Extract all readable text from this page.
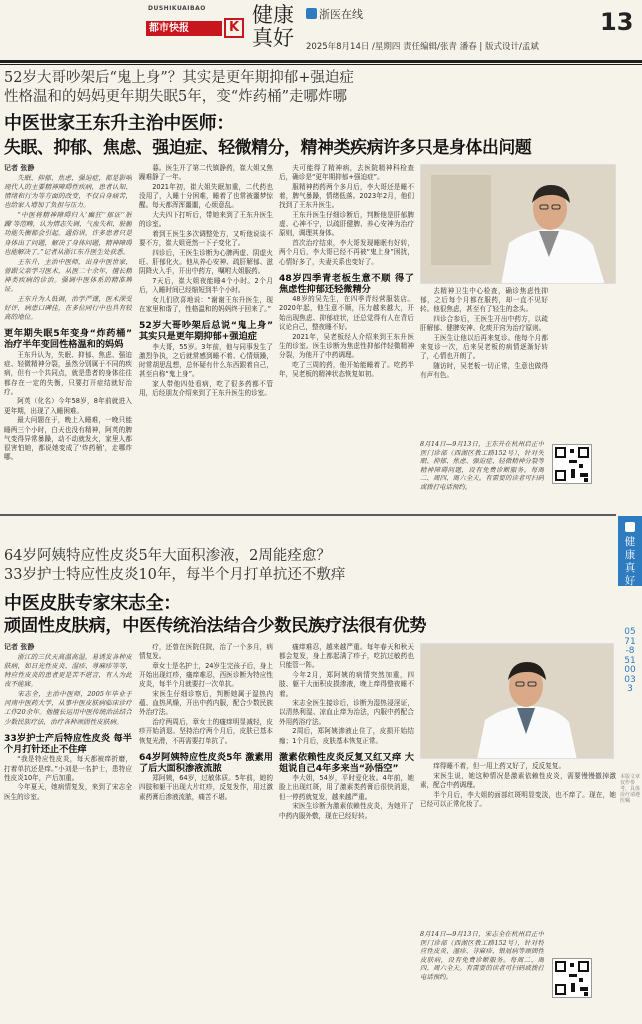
DUSHIKUAIBAO
都市快报	K
健康真好
浙医在线
2025年8月14日 /星期四 责任编辑/张青 潘春 | 版式设计/孟斌
13
52岁大哥吵架后“鬼上身”？其实是更年期抑郁+强迫症
性格温和的妈妈更年期失眠5年，变“炸药桶”走哪炸哪
中医世家王东升主治中医师：
失眠、抑郁、焦虑、强迫症、轻微精分，精神类疾病许多只是身体出问题

记者 张静

失眠、抑郁、焦虑、强迫症，都是影响现代人的主要精神障碍性疾病，患者认知、情绪和行为等方面的改变，不仅自身痛苦，也给家人增加了负担与压力。

“中医将精神障碍归入‘癫狂’‘郁证’‘脏躁’等范畴，认为情志失调、气血失和、脏腑功能失衡都会引起。通俗讲，许多患者只是身体出了问题，解决了身体问题，精神障碍也能解决了。”记者从浙江东升医生处获悉。

王东升，主治中医师，出身中医世家，曾跟父亲学习医术，从医二十余年，擅长精神类疾病的诊治。强调中医体系的精准辨证。

王东升为人低调，治学严谨，医术深受好评，病患口碑佳，在多位同行中也具有较高的地位。

更年期失眠5年变身“炸药桶” 治疗半年变回性格温和的妈妈

王东升认为，失眠、抑郁、焦虑、强迫症、轻微精神分裂，虽然分别属于不同的疾病，但有一个共同点，就是患者的身体往往都存在一定的失衡，只要打开症结就好治疗。

阿英（化名）今年58岁，8年前就进入更年期，出现了入睡困难。

最大问题在于，晚上入睡难，一晚只能睡两三个小时，白天也没有精神，阿英的脾气变得异常暴躁，动不动就发火，家里人都很害怕她，都说她变成了‘炸药桶’，走哪炸哪。

暮。医生开了第二代镇静药，崔大姐又焦躁难静了一年。

2021年初，崔大姐失眠加重，二代药也没用了，入睡十分困难，睡着了也常被噩梦惊醒。每天都浑浑噩噩，心烦意乱。

大夫四下打听后，带她来到了王东升医生的诊室。

着到王医生多次调整处方，又听他说谈不要不方，崔大姐竟然一下子变化了。

四诊后，王医生诊断为心脾两虚、阴虚火旺、肝郁化火。他从养心安神、疏肝解郁、滋阴降火入手，开出中药方，嘱咐大姐服药。

7天后，崔大姐夜能睡4个小时。2个月后，入睡时间已经缩短到半个小时。

女儿们欣喜地说：“谢谢王东升医生，现在家里和谐了，性格温和的妈妈终于回来了。”

52岁大哥吵架后总说“鬼上身” 其实只是更年期抑郁+强迫症

李大哥，55岁。3年前，他与同事发生了激烈争执，之后就常感到睡不着、心情烦躁，时常胡思乱想，总怀疑有什么东西跟着自己，甚至自称“鬼上身”。

家人带他四处看病，吃了很多药都不管用，后经朋友介绍来到了王东升医生的诊室。

夫可能得了精神病，去医院精神科检查后，确诊是“更年期抑郁+强迫症”。

服精神药药两个多月后，李大哥还是睡不着，脾气暴躁，情绪低落。2023年2月，他们找到了王东升医生。

王东升医生仔细诊断后，判断他是肝郁脾虚、心神不宁，以疏肝健脾、养心安神为治疗原则，调理其身体。

首次治疗结束，李大哥发现睡眠有好转，两个月后，李大哥已经不再被“鬼上身”困扰，心情好多了，夫妻关系也变好了。

48岁四季青老板生意不顺 得了焦虑性抑郁还轻微精分

48岁的吴先生，在四季青经营服装店。2020年起，他生意不顺，压力越来越大，开始出现焦虑、抑郁症状，还总觉得有人在背后议论自己，整夜睡不好。

2021年，吴老板经人介绍来到王东升医生的诊室。医生诊断为焦虑性抑郁伴轻微精神分裂，为他开了中药调理。

吃了三周的药，他开始能睡着了。吃药半年，吴老板的精神状态恢复如初。

去精神卫生中心检查，确诊焦虑性抑郁，之后每个月都在服药，却一直不见好转。他很焦虑，甚至有了轻生的念头。

四诊合参后，王医生开出中药方，以疏肝解郁、健脾安神、化痰开窍为治疗原则。

王医生让他以后再来复诊。他每个月都来复诊一次，后来吴老板的病情逐渐好转了，心情也开朗了。

随访时，吴老板一切正常，生意也做得有声有色。

8月14日—9月13日，王东升在杭州启正中医门诊部（西湖区教工路152号），针对失眠、抑郁、焦虑、强迫症、轻微精神分裂等精神障碍问题，设有免费诊断服务。每周二、周四、周六全天。有需要的读者可扫码或拨打电话预约。
64岁阿姨特应性皮炎5年大面积渗液，2周能痊愈？
33岁护士特应性皮炎10年，每半个月打单抗还不敷痒
中医皮肤专家宋志全：
顽固性皮肤病，中医传统治法结合少数民族疗法很有优势

记者 张静

浙江的三伏天高温高湿，易诱发各种皮肤病，如日光性皮炎、湿疹、荨麻疹等等，特应性皮炎的患者更是苦不堪言，有人为此夜不能寐。

宋志全，主治中医师，2005年毕业于河南中医药大学，从事中医皮肤病临床诊疗工作20余年。他擅长运用中医传统治法结合少数民族疗法，治疗各种顽固性皮肤病。

33岁护士产后特应性皮炎 每半个月打针还止不住痒

“我是特应性皮炎，每天都被痒折磨，打着单抗还是痒。”小刘是一名护士，患特应性皮炎10年，产后加重。

今年夏天，她病情复发，来到了宋志全医生的诊室。

疗，还曾在医院住院，治了一个多月，病情复发。

章女士是名护士，24岁生完孩子后，身上开始出现红疹，瘙痒难忍，西医诊断为特应性皮炎，每半个月就要打一次单抗。

宋医生仔细诊察后，判断她属于湿热内蕴、血热风燥，开出中药内服，配合少数民族外治疗法。

治疗两周后，章女士的瘙痒明显减轻，皮疹开始消退。坚持治疗两个月后，皮肤已基本恢复光滑，不再需要打单抗了。

64岁阿姨特应性皮炎5年 激素用了后大面积渗液流脓

郑阿姨，64岁，过敏体质。5年前，她的四肢和躯干出现大片红疹，反复发作，用过激素药膏后渗液流脓，痛苦不堪。

瘙痒难忍，越来越严重。每年春天和秋天都会复发，身上都起满了疹子，吃抗过敏药也只能管一阵。

今年2月，郑阿姨的病情突然加重，四肢、躯干大面积皮损渗液，晚上痒得整夜睡不着。

宋志全医生接诊后，诊断为湿热浸淫证，以清热利湿、凉血止痒为治法，内服中药配合外用药浴疗法。

2周后，郑阿姨渗液止住了，皮损开始结痂；1个月后，皮肤基本恢复正常。

激素依赖性皮炎反复又红又痒 大姐说自己4年多来当“孙悟空”

李大姐，54岁，平时爱化妆。4年前，她脸上出现红斑，用了激素类药膏后很快消退，但一停药就复发，越来越严重。

宋医生诊断为激素依赖性皮炎，为她开了中药内服外敷，现在已经好转。

痒得睡不着，但一用上药又好了，反反复复。

宋医生说，她这种情况是激素依赖性皮炎，需要慢慢撤掉激素，配合中药调理。

半个月后，李大姐的面部红斑明显变淡，也不痒了。现在，她已经可以正常化妆了。

8月14日—9月13日，宋志全在杭州启正中医门诊部（西湖区教工路152号），针对特应性皮炎、湿疹、荨麻疹、银屑病等顽固性皮肤病，设有免费诊断服务。每周二、周四、周六全天。有需要的读者可扫码或拨打电话预约。
健康真好
0571-85100033
本版文章仅作参考，具体诊疗请遵医嘱
